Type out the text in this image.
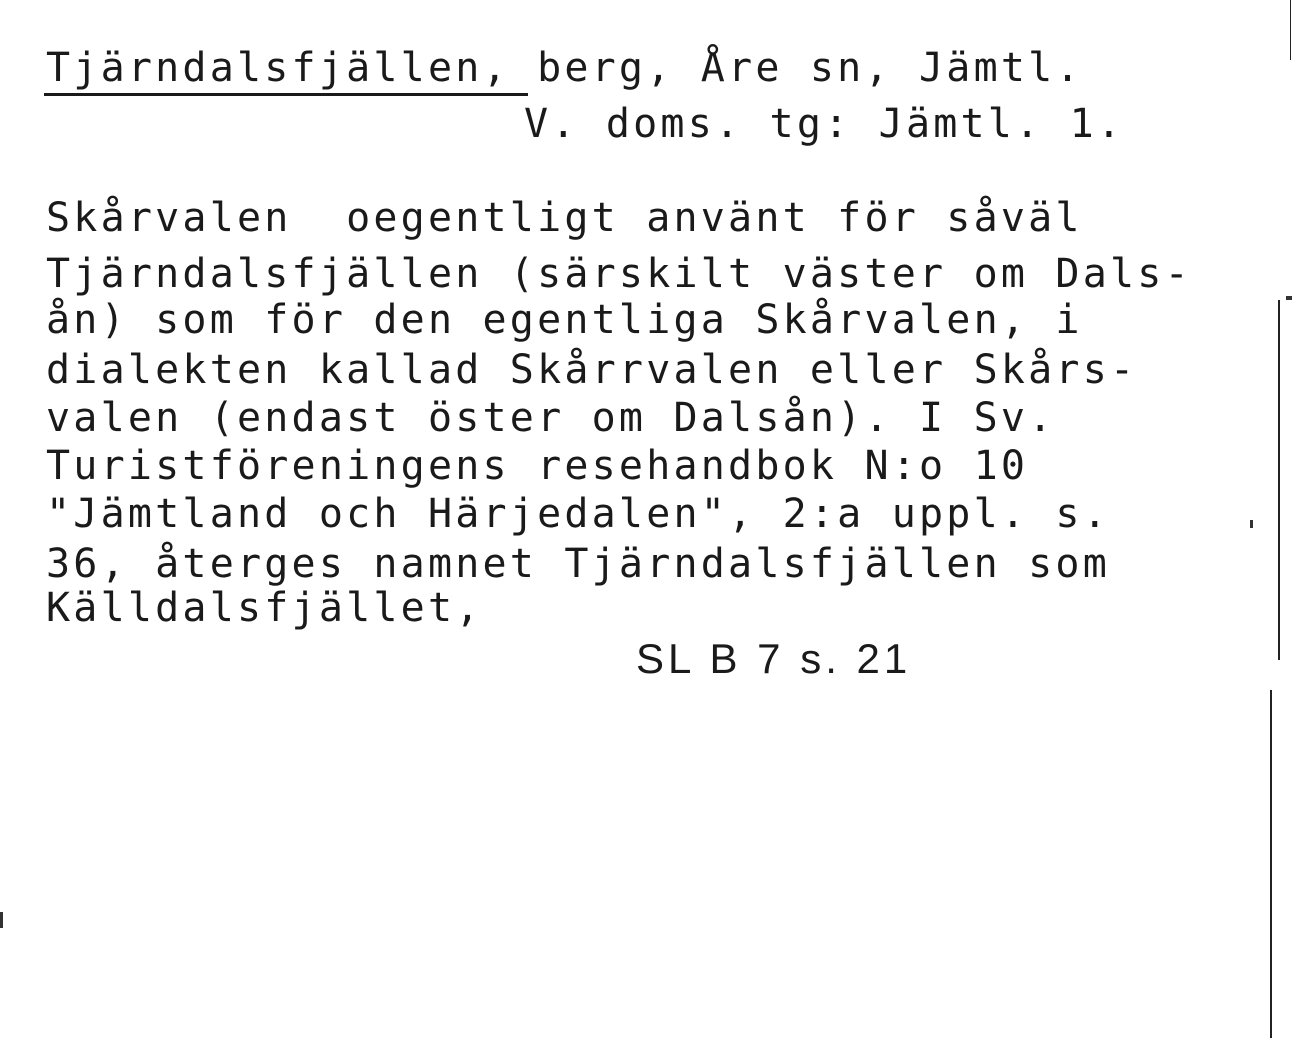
Tjärndalsfjällen, berg, Åre sn, Jämtl.
V. doms. tg: Jämtl. 1.
Skårvalen  oegentligt använt för såväl
Tjärndalsfjällen (särskilt väster om Dals-
ån) som för den egentliga Skårvalen, i
dialekten kallad Skårrvalen eller Skårs-
valen (endast öster om Dalsån). I Sv.
Turistföreningens resehandbok N:o 10
"Jämtland och Härjedalen", 2:a uppl. s.
36, återges namnet Tjärndalsfjällen som
Källdalsfjället,
SL B 7 s. 21
